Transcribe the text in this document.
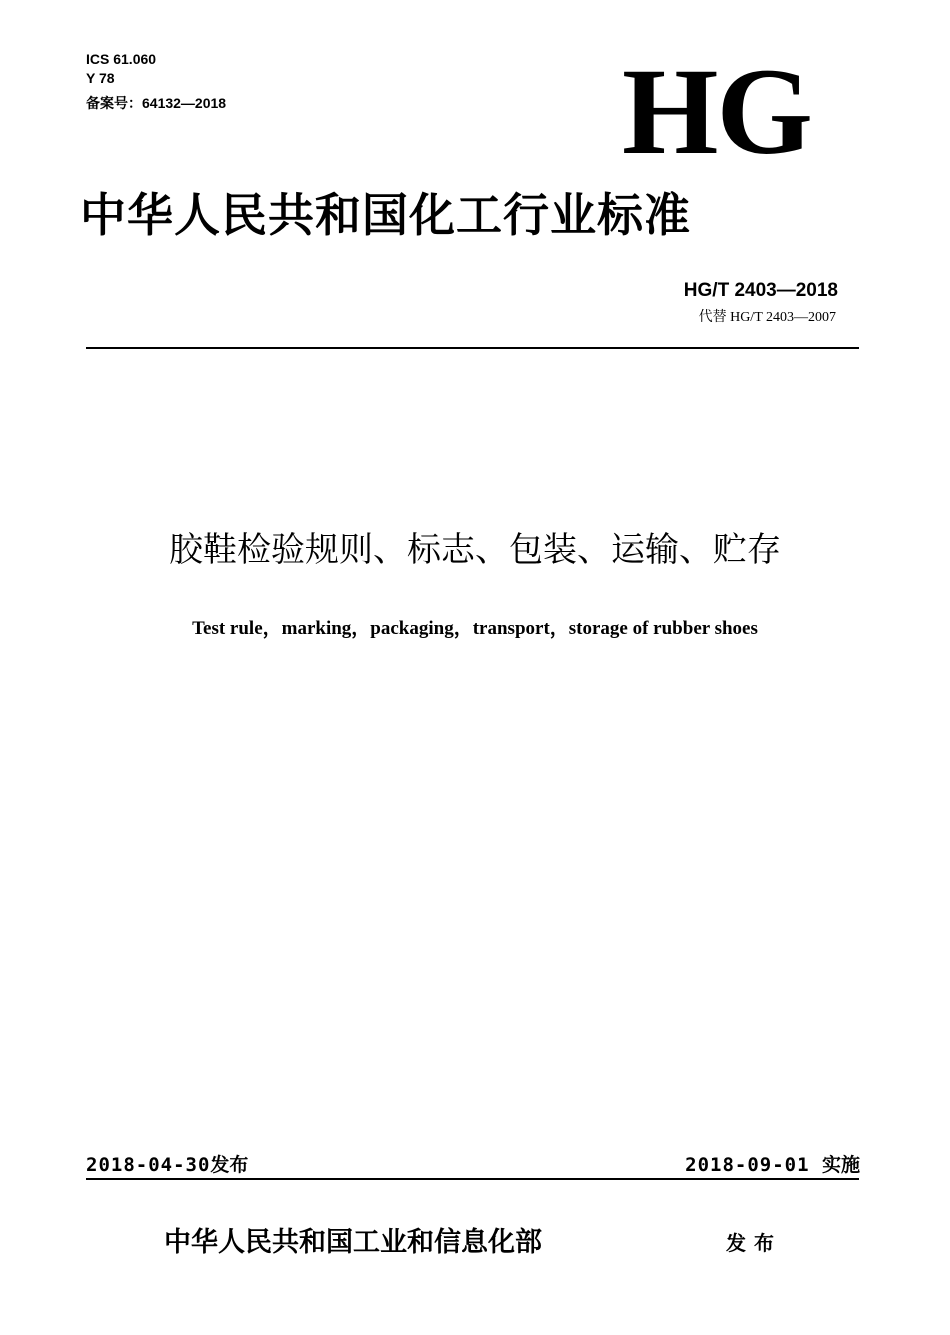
ICS 61.060
Y 78
备案号：64132—2018	HG
中华人民共和国化工行业标准
HG/T 2403—2018
代替 HG/T 2403—2007
胶鞋检验规则、标志、包装、运输、贮存
Test rule，marking，packaging，transport，storage of rubber shoes
2018-04-30发布	2018-09-01 实施
中华人民共和国工业和信息化部	发布
